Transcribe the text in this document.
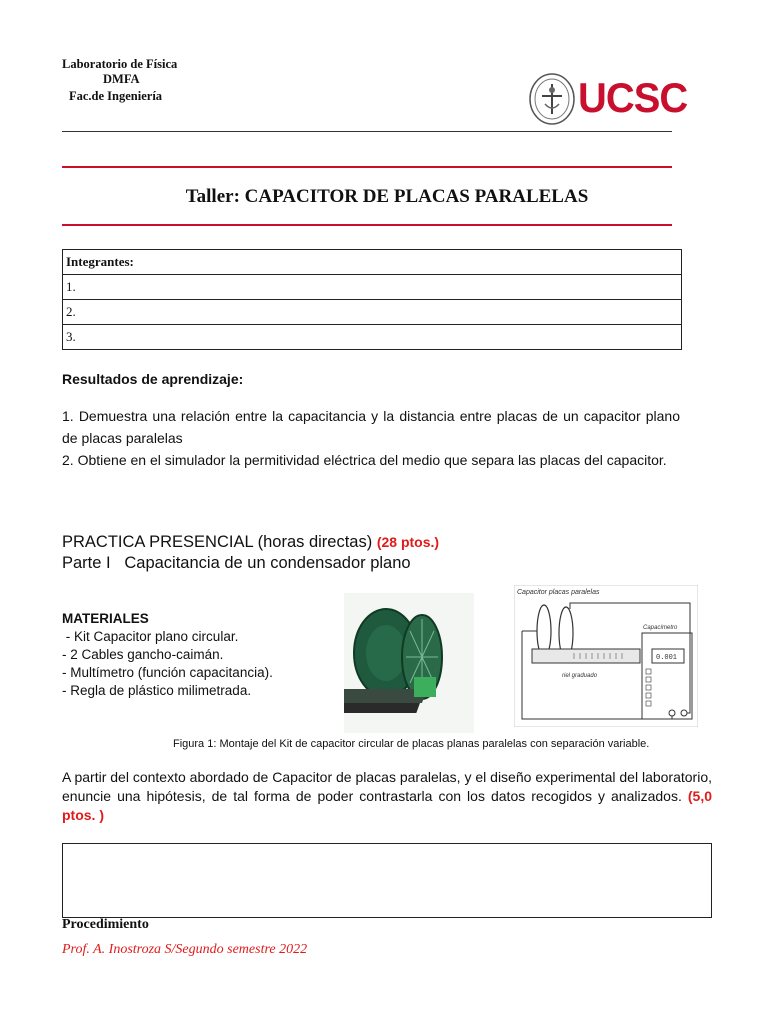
Laboratorio de Física
DMFA
Fac.de Ingeniería	UCSC
Taller: CAPACITOR DE PLACAS PARALELAS
Integrantes:
1.
2.
3.
Resultados de aprendizaje:
1. Demuestra una relación entre la capacitancia y la distancia entre placas de un capacitor plano de placas paralelas
2. Obtiene en el simulador la permitividad eléctrica del medio que separa las placas del capacitor.
PRACTICA PRESENCIAL (horas directas) (28 ptos.)
Parte I   Capacitancia de un condensador plano
MATERIALES
- Kit Capacitor plano circular.
- 2 Cables gancho-caimán.
- Multímetro (función capacitancia).
- Regla de plástico milimetrada.
Capacitor placas paralelas
riel graduado
Capacímetro
0.001
Figura 1: Montaje del Kit de capacitor circular de placas planas paralelas con separación variable.
A partir del contexto abordado de Capacitor de placas paralelas, y el diseño experimental del laboratorio, enuncie una hipótesis, de tal forma de poder contrastarla con los datos recogidos y analizados. (5,0 ptos. )
Procedimiento
Prof. A. Inostroza S/Segundo semestre 2022
